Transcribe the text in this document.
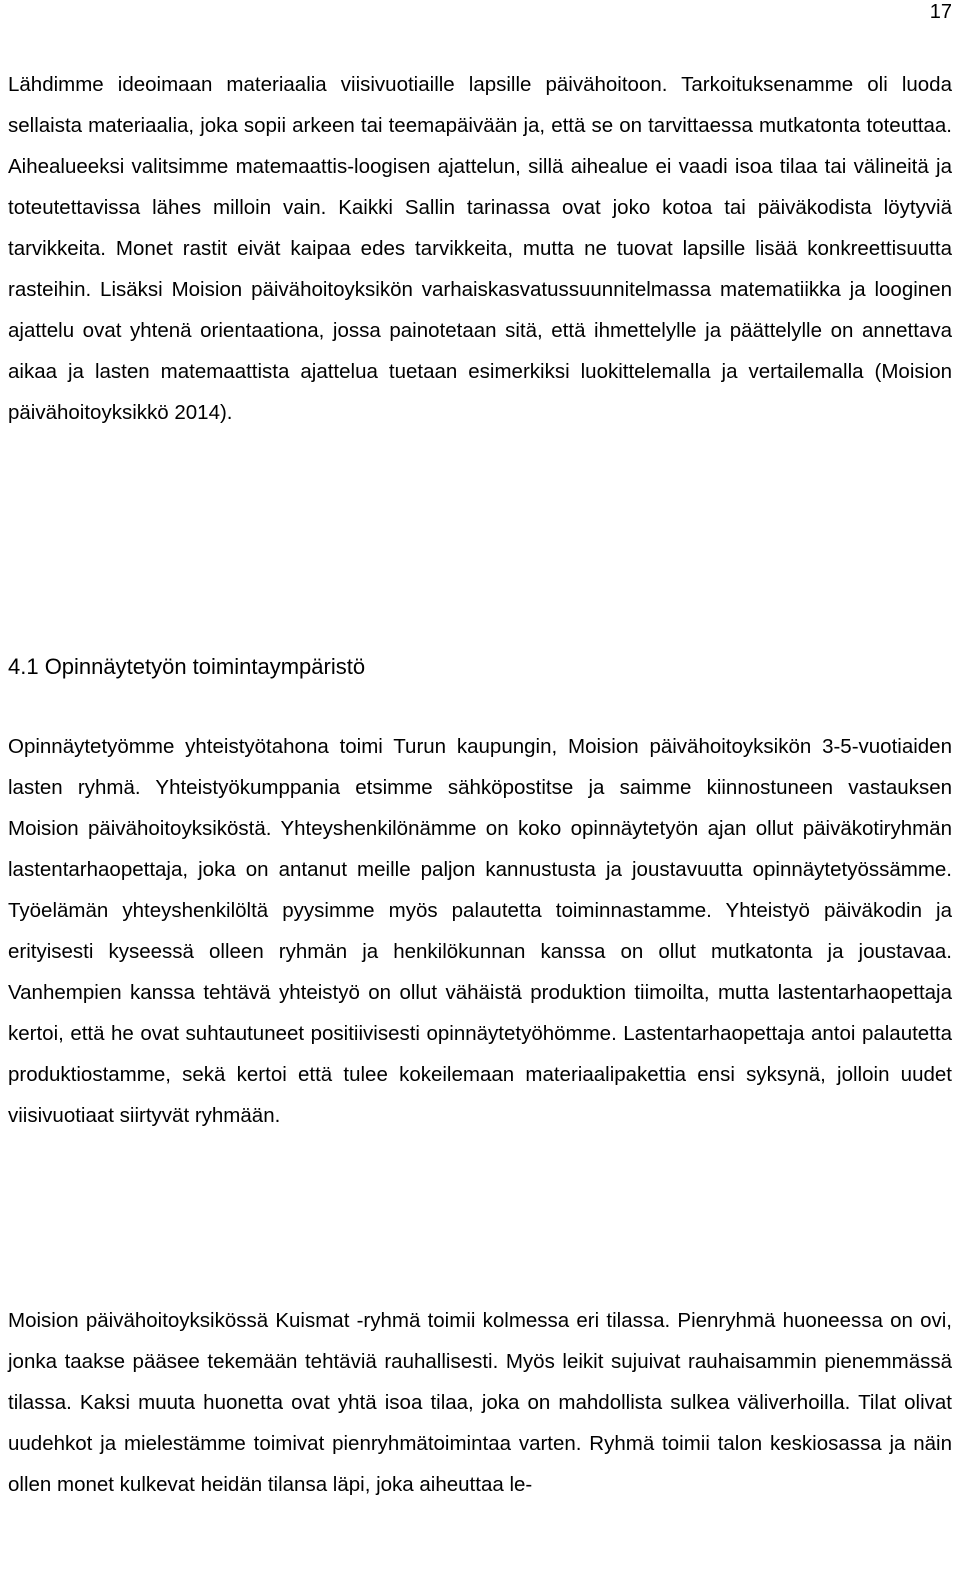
17

Lähdimme ideoimaan materiaalia viisivuotiaille lapsille päivähoitoon. Tarkoituksenamme oli luoda sellaista materiaalia, joka sopii arkeen tai teemapäivään ja, että se on tarvittaessa mutkatonta toteuttaa. Aihealueeksi valitsimme matemaattis-loogisen ajattelun, sillä aihealue ei vaadi isoa tilaa tai välineitä ja toteutettavissa lähes milloin vain. Kaikki Sallin tarinassa ovat joko kotoa tai päiväkodista löytyviä tarvikkeita. Monet rastit eivät kaipaa edes tarvikkeita, mutta ne tuovat lapsille lisää konkreettisuutta rasteihin. Lisäksi Moision päivähoitoyksikön varhaiskasvatussuunnitelmassa matematiikka ja looginen ajattelu ovat yhtenä orientaationa, jossa painotetaan sitä, että ihmettelylle ja päättelylle on annettava aikaa ja lasten matemaattista ajattelua tuetaan esimerkiksi luokittelemalla ja vertailemalla (Moision päivähoitoyksikkö 2014).

4.1 Opinnäytetyön toimintaympäristö

Opinnäytetyömme yhteistyötahona toimi Turun kaupungin, Moision päivähoitoyksikön 3-5-vuotiaiden lasten ryhmä. Yhteistyökumppania etsimme sähköpostitse ja saimme kiinnostuneen vastauksen Moision päivähoitoyksiköstä. Yhteyshenkilönämme on koko opinnäytetyön ajan ollut päiväkotiryhmän lastentarhaopettaja, joka on antanut meille paljon kannustusta ja joustavuutta opinnäytetyössämme. Työelämän yhteyshenkilöltä pyysimme myös palautetta toiminnastamme. Yhteistyö päiväkodin ja erityisesti kyseessä olleen ryhmän ja henkilökunnan kanssa on ollut mutkatonta ja joustavaa. Vanhempien kanssa tehtävä yhteistyö on ollut vähäistä produktion tiimoilta, mutta lastentarhaopettaja kertoi, että he ovat suhtautuneet positiivisesti opinnäytetyöhömme. Lastentarhaopettaja antoi palautetta produktiostamme, sekä kertoi että tulee kokeilemaan materiaalipakettia ensi syksynä, jolloin uudet viisivuotiaat siirtyvät ryhmään.

Moision päivähoitoyksikössä Kuismat -ryhmä toimii kolmessa eri tilassa. Pienryhmä huoneessa on ovi, jonka taakse pääsee tekemään tehtäviä rauhallisesti. Myös leikit sujuivat rauhaisammin pienemmässä tilassa. Kaksi muuta huonetta ovat yhtä isoa tilaa, joka on mahdollista sulkea väliverhoilla. Tilat olivat uudehkot ja mielestämme toimivat pienryhmätoimintaa varten. Ryhmä toimii talon keskiosassa ja näin ollen monet kulkevat heidän tilansa läpi, joka aiheuttaa le-
